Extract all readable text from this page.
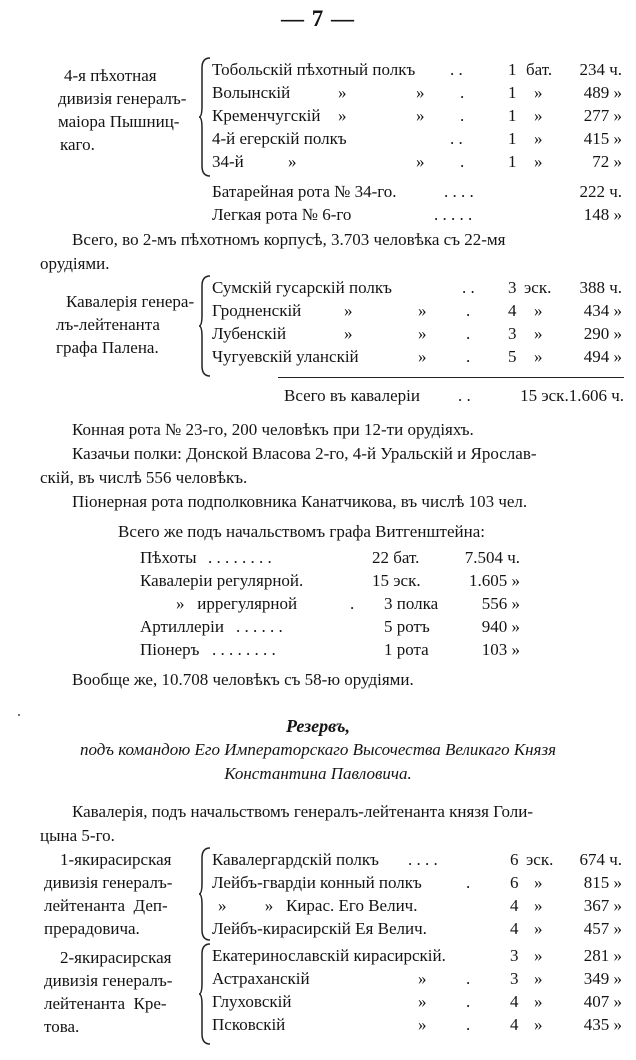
— 7 —
4-я пѣхотная
дивизія генералъ-
маіора Пышниц-
каго.
Тобольскій пѣхотный полкъ . .	1 бат. 234 ч.
Волынскій	»	» .	1 » 489 »
Кременчугскій »	» .	1 » 277 »
4-й егерскій полкъ	. .	1 » 415 »
34-й	»	» .	1 »	72 »
Батарейная рота № 34-го.	. . . .	222 ч.
Легкая рота № 6-го	. . . . .	148 »
Всего, во 2-мъ пѣхотномъ корпусѣ, 3.703 человѣка съ 22-мя
орудіями.
Кавалерія генера-
лъ-лейтенанта
графа Палена.
Сумскій гусарскій полкъ	. . 3 эск. 388 ч.
Гродненскій	»	» . 4 » 434 »
Лубенскій	»	» . 3 » 290 »
Чугуевскій уланскій	» . 5 » 494 »
Всего въ кавалеріи . .	15 эск.1.606 ч.
Конная рота № 23-го, 200 человѣкъ при 12-ти орудіяхъ.
Казачьи полки: Донской Власова 2-го, 4-й Уральскій и Ярослав-
скій, въ числѣ 556 человѣкъ.
Піонерная рота подполковника Канатчикова, въ числѣ 103 чел.
Всего же подъ начальствомъ графа Витгенштейна:
Пѣхоты . . . . . . . .	22 бат.	7.504 ч.
Кавалеріи регулярной.	15 эск.	1.605 »
»   иррегулярной	. 3 полка	556 »
Артиллеріи . . . . . .	5 ротъ	940 »
Піонеръ . . . . . . . .	1 рота	103 »
Вообще же, 10.708 человѣкъ съ 58-ю орудіями.
Резервъ,
подъ командою Его Императорскаго Высочества Великаго Князя
Константина Павловича.
Кавалерія, подъ начальствомъ генералъ-лейтенанта князя Голи-
цына 5-го.
1-якирасирская
дивизія генералъ-
лейтенанта  Деп-
прерадовича.
Кавалергардскій полкъ . . . .	6 эск. 674 ч.
Лейбъ-гвардіи конный полкъ	. 6 » 815 »
»         »   Кирас. Его Велич.	4 » 367 »
Лейбъ-кирасирскій Ея Велич.	4 » 457 »
2-якирасирская
дивизія генералъ-
лейтенанта  Кре-
това.
Екатеринославскій кирасирскій.	3 » 281 »
Астраханскій	» . 3 » 349 »
Глуховскій	» . 4 » 407 »
Псковскій	» . 4 » 435 »
